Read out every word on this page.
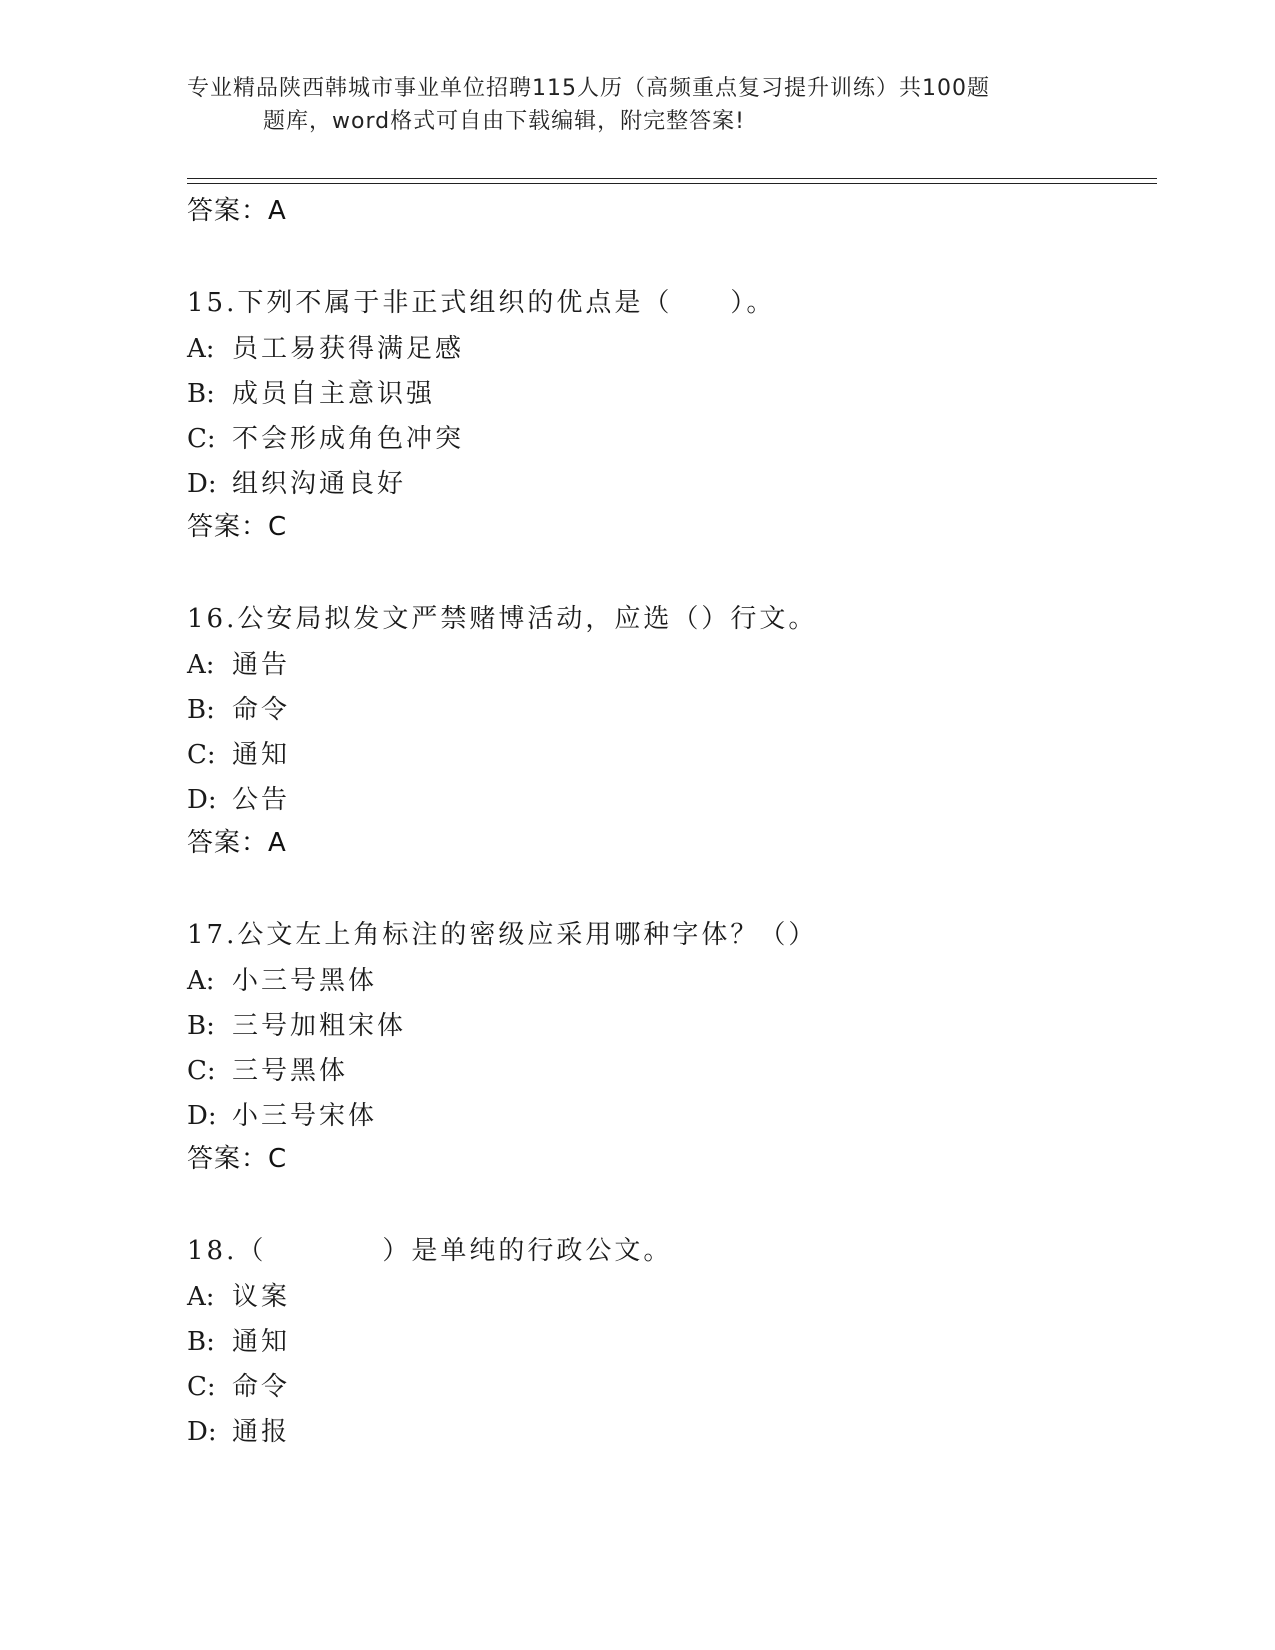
专业精品陕西韩城市事业单位招聘115人历（高频重点复习提升训练）共100题
题库，word格式可自由下载编辑，附完整答案!
答案：A
15.下列不属于非正式组织的优点是（　　）。
A: 员工易获得满足感
B: 成员自主意识强
C: 不会形成角色冲突
D: 组织沟通良好
答案：C
16.公安局拟发文严禁赌博活动，应选（）行文。
A: 通告
B: 命令
C: 通知
D: 公告
答案：A
17.公文左上角标注的密级应采用哪种字体？（）
A: 小三号黑体
B: 三号加粗宋体
C: 三号黑体
D: 小三号宋体
答案：C
18.（　　　　）是单纯的行政公文。
A: 议案
B: 通知
C: 命令
D: 通报
